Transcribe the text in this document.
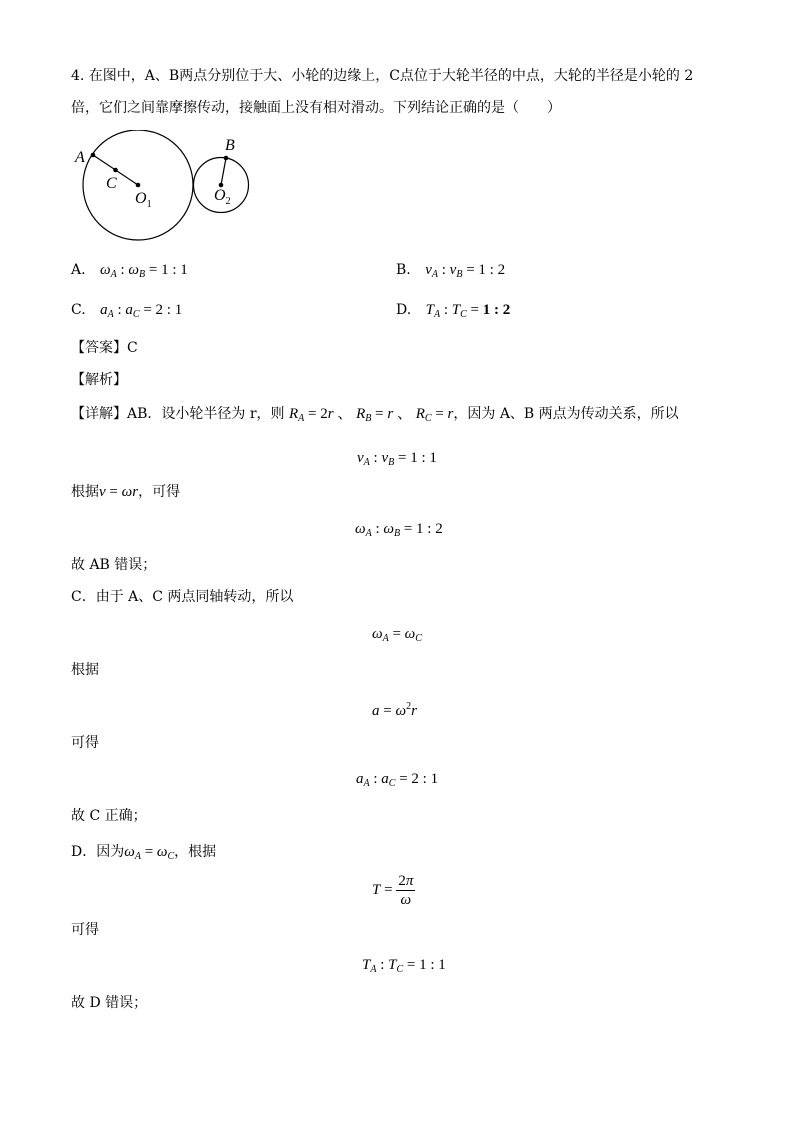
4. 在图中，A、B两点分别位于大、小轮的边缘上，C点位于大轮半径的中点，大轮的半径是小轮的 2
倍，它们之间靠摩擦传动，接触面上没有相对滑动。下列结论正确的是（　　）
A
C
$O_1$
B
$O_2$
A. $\omega_A$ : $\omega_B = 1$ : 1	B. $v_A$ : $v_B = 1$ : 2
C. $a_A$ : $a_C = 2$ : 1	D. $T_A$ : $T_C = 1$ : 2
【答案】C
【解析】
【详解】AB．设小轮半径为 r，则 $R_A = 2r$ 、 $R_B = r$ 、 $R_C = r$，因为 A、B 两点为传动关系，所以
$v_A$ : $v_B = 1$ : 1
根据v = ωr，可得
$\omega_A$ : $\omega_B = 1$ : 2
故 AB 错误；
C．由于 A、C 两点同轴转动，所以
$\omega_A = \omega_C$
根据
$a = \omega^2r$
可得
$a_A$ : $a_C = 2$ : 1
故 C 正确；
D．因为$\omega_A = \omega_C$，根据
$T = \frac{2\pi}{\omega}$
可得
$T_A$ : $T_C = 1$ : 1
故 D 错误；
